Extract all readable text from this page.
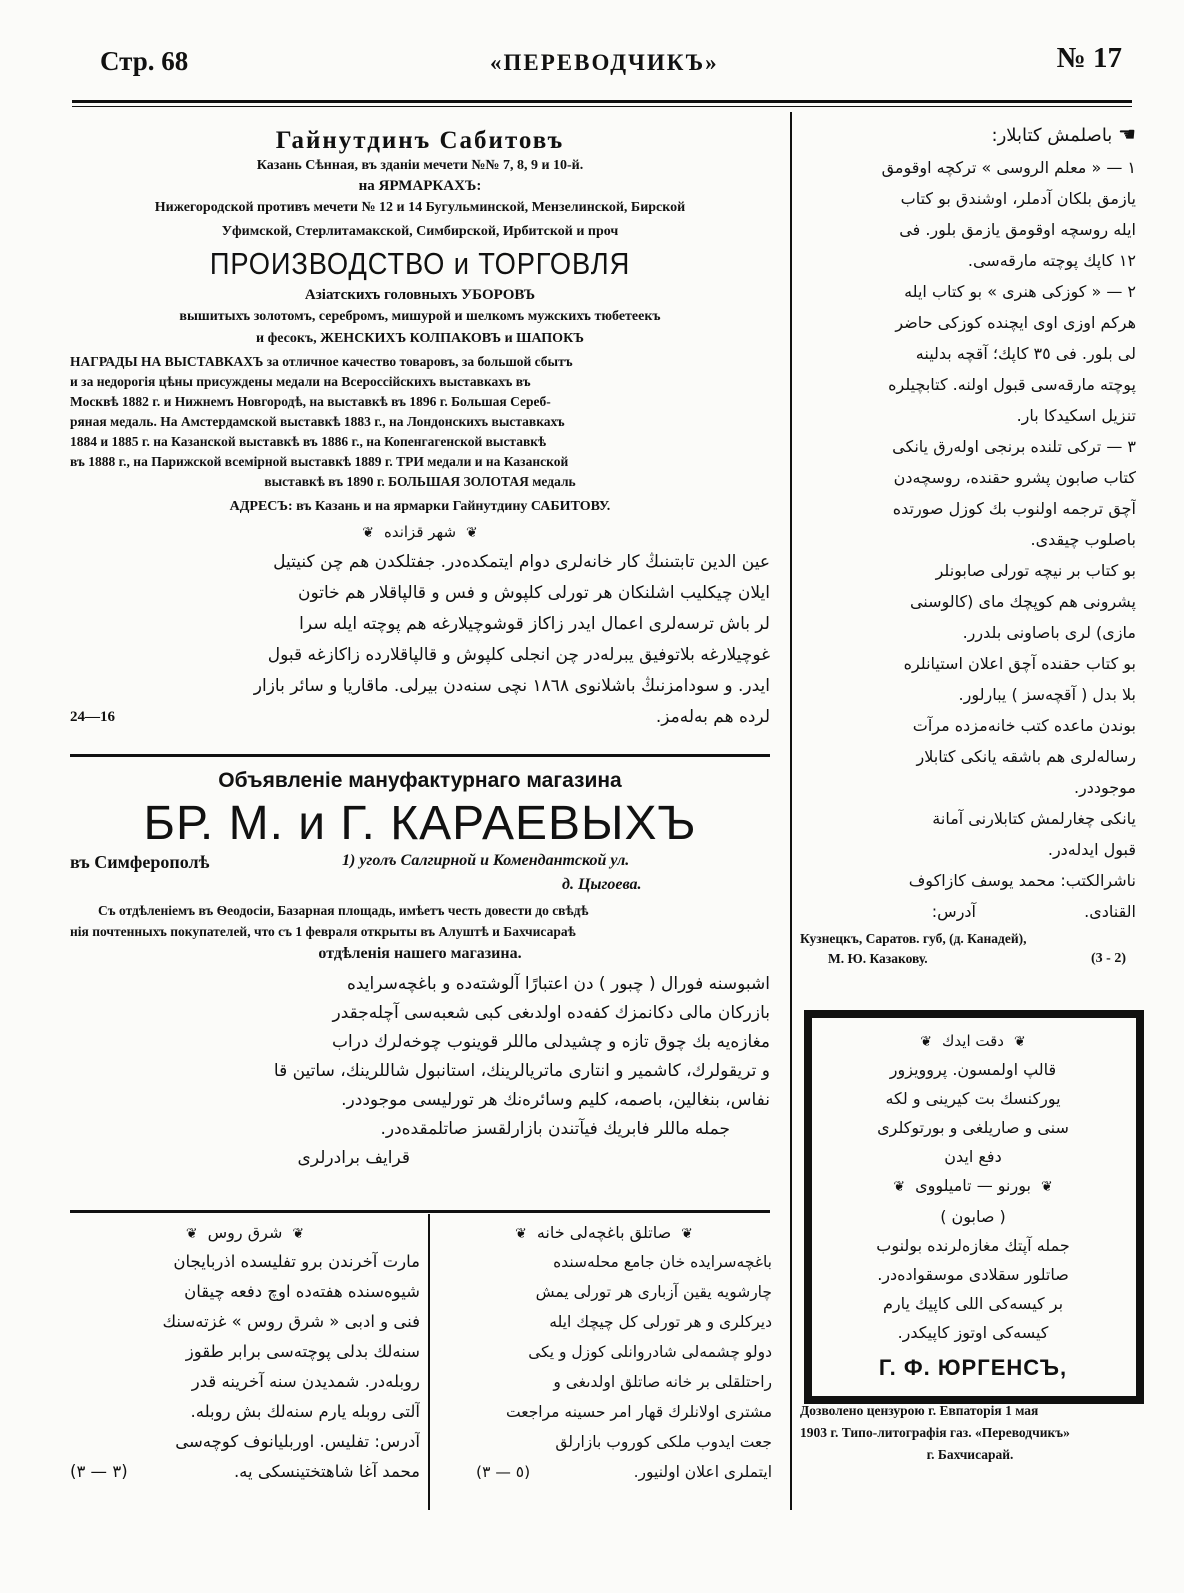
Стр. 68	«ПЕРЕВОДЧИКЪ»	№ 17
Гайнутдинъ Сабитовъ
Казань Сѣнная, въ зданіи мечети №№ 7, 8, 9 и 10-й.
на ЯРМАРКАХЪ:
Нижегородской противъ мечети № 12 и 14 Бугульминской, Мензелинской, Бирской
Уфимской, Стерлитамакской, Симбирской, Ирбитской и проч
ПРОИЗВОДСТВО и ТОРГОВЛЯ
Азіатскихъ головныхъ УБОРОВЪ
вышитыхъ золотомъ, серебромъ, мишурой и шелкомъ мужскихъ тюбетеекъ
и фесокъ, ЖЕНСКИХЪ КОЛПАКОВЪ и ШАПОКЪ
НАГРАДЫ НА ВЫСТАВКАХЪ за отличное качество товаровъ, за большой сбытъ
и за недорогія цѣны присуждены медали на Всероссійскихъ выставкахъ въ
Москвѣ 1882 г. и Нижнемъ Новгородѣ, на выставкѣ въ 1896 г. Большая Сереб-
ряная медаль. На Амстердамской выставкѣ 1883 г., на Лондонскихъ выставкахъ
1884 и 1885 г. на Казанской выставкѣ въ 1886 г., на Копенгагенской выставкѣ
въ 1888 г., на Парижской всемірной выставкѣ 1889 г. ТРИ медали и на Казанской
выставкѣ въ 1890 г. БОЛЬШАЯ ЗОЛОТАЯ медаль
АДРЕСЪ: въ Казань и на ярмарки Гайнутдину САБИТОВУ.
❦شهر قزانده❦
عين الدين تابتىنىڭ كار خانەلرى دوام ايتمكدەدر. جفتلكدن هم چن كنيتيل
ايلان چيكليب اشلنكان هر تورلى كلپوش و فس و قالپاقلار هم خاتون
لر باش ترسەلرى اعمال ايدر زاكاز قوشوچيلارغە هم پوچتە ايلە سرا
غوچيلارغە بلاتوفيق يبرلەدر چن انجلى كلپوش و قالپاقلاردە زاكازغە قبول
ايدر. و سودامزنىڭ باشلانوى ١٨٦٨ نچى سنەدن بيرلى. ماقاريا و سائر بازار
لردە هم بەلەمز.
24—16
Объявленіе мануфактурнаго магазина
БР. М. и Г. КАРАЕВЫХЪ
въ Симферополѣ	1) уголъ Салгирной и Комендантской ул.
д. Цыгоева.
Съ отдѣленіемъ въ Ѳеодосіи, Базарная площадь, имѣетъ честь довести до свѣдѣ
нія почтенныхъ покупателей, что съ 1 февраля открыты въ Алуштѣ и Бахчисараѣ
отдѣленія нашего магазина.
اشبوسنە فورال ( چبور ) دن اعتبارًا آلوشتەدە و باغچەسرايدە
بازركان مالى دكانمزك كفەدە اولدىغى كبى شعبەسى آچلەجقدر
مغازەيە بك چوق تازە و چشيدلى ماللر قوينوب چوخەلرك دراب
و تريقولرك، كاشمير و انتارى ماتريالرينك، استانبول شاللرينك، ساتين قا
نفاس، بنغالين، باصمە، كليم وسائرەنك هر تورليسى موجوددر.
جملە ماللر فابريك فيآتندن بازارلقسز صاتلمقدەدر.
قرايف برادرلرى
❦شرق روس❦
مارت آخرندن برو تفليسدە اذربايجان
شيوەسندە هفتەدە اوچ دفعە چيقان
فنى و ادبى « شرق روس » غزتەسنك
سنەلك بدلى پوچتەسى برابر طقوز
روبلەدر. شمديدن سنە آخرينە قدر
آلتى روبلە يارم سنەلك بش روبلە.
آدرس: تفليس. اوربليانوف كوچەسى
محمد آغا شاهتختينسكى يە.
(٣ — ٣)
❦صاتلق باغچەلى خانە❦
باغچەسرايدە خان جامع محلەسندە
چارشويە يقين آزبارى هر تورلى يمش
ديركلرى و هر تورلى كل چيچك ايلە
دولو چشمەلى شادروانلى كوزل و يكى
راحتلقلى بر خانە صاتلق اولدىغى و
مشترى اولانلرك قهار امر حسينە مراجعت
جعت ايدوب ملكى كوروب بازارلق
ايتملرى اعلان اولنيور.
(٥ — ٣)
☚ باصلمش كتابلار:
١ — « معلم الروسى » تركچە اوقومق
يازمق بلكان آدملر، اوشندق بو كتاب
ايلە روسچە اوقومق يازمق بلور. فى
١٢ كاپك پوچتە مارقەسى.
٢ — « كوزكى هنرى » بو كتاب ايلە
هركم اوزى اوى ايچندە كوزكى حاضر
لى بلور. فى ٣٥ كاپك؛ آقچە بدلينە
پوچتە مارقەسى قبول اولنە. كتابچيلرە
تنزيل اسكيدكا بار.
٣ — تركى تلندە برنجى اولەرق يانكى
كتاب صابون پشرو حقندە، روسچەدن
آچق ترجمە اولنوب بك كوزل صورتدە
باصلوب چيقدى.
بو كتاب بر نيچە تورلى صابونلر
پشرونى هم كوپچك ماى (كالوسنى
مازى) لرى باصاونى بلدرر.
بو كتاب حقندە آچق اعلان استيانلرە
بلا بدل ( آقچەسز ) يبارلور.
بوندن ماعدە كتب خانەمزدە مرآت
رسالەلرى هم باشقە يانكى كتابلار
موجوددر.
يانكى چغارلمش كتابلارنى آمانة
قبول ايدلەدر.
ناشرالكتب: محمد يوسف كازاكوف
القنادى.
آدرس:
Кузнецкъ, Саратов. губ, (д. Канадей),
М. Ю. Казакову.	(3 - 2)
❦دقت ايدك❦
قالپ اولمسون. پروويزور
يوركنسك بت كيرينى و لكە
سنى و صاريلغى و بورتوكلرى
دفع ايدن
❦بورنو — تاميلووى❦
( صابون )
جملە آپتك مغازەلرندە بولنوب
صاتلور سقلادى موسقوادەدر.
بر كيسەكى اللى كاپيك يارم
كيسەكى اوتوز كاپيكدر.
Г. Ф. ЮРГЕНСЪ,
Дозволено цензурою г. Евпаторія 1 мая
1903 г. Типо-литографія газ. «Переводчикъ»
г. Бахчисарай.
